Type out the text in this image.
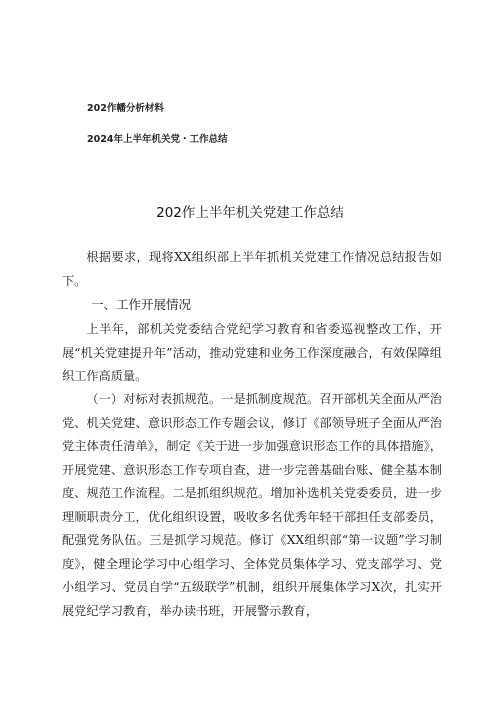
202作幡分析材料
2024年上半年机关党・工作总结
202作上半年机关党建工作总结

根据要求，现将XX组织部上半年抓机关党建工作情况总结报告如下。

一、工作开展情况

上半年，部机关党委结合党纪学习教育和省委巡视整改工作，开展“机关党建提升年”活动，推动党建和业务工作深度融合，有效保障组织工作高质量。

（一）对标对表抓规范。一是抓制度规范。召开部机关全面从严治党、机关党建、意识形态工作专题会议，修订《部领导班子全面从严治党主体责任清单》，制定《关于进一步加强意识形态工作的具体措施》，开展党建、意识形态工作专项自查，进一步完善基础台账、健全基本制度、规范工作流程。二是抓组织规范。增加补选机关党委委员，进一步理顺职责分工，优化组织设置，吸收多名优秀年轻干部担任支部委员，配强党务队伍。三是抓学习规范。修订《XX组织部“第一议题”学习制度》，健全理论学习中心组学习、全体党员集体学习、党支部学习、党小组学习、党员自学“五级联学”机制，组织开展集体学习X次，扎实开展党纪学习教育，举办读书班，开展警示教育，
